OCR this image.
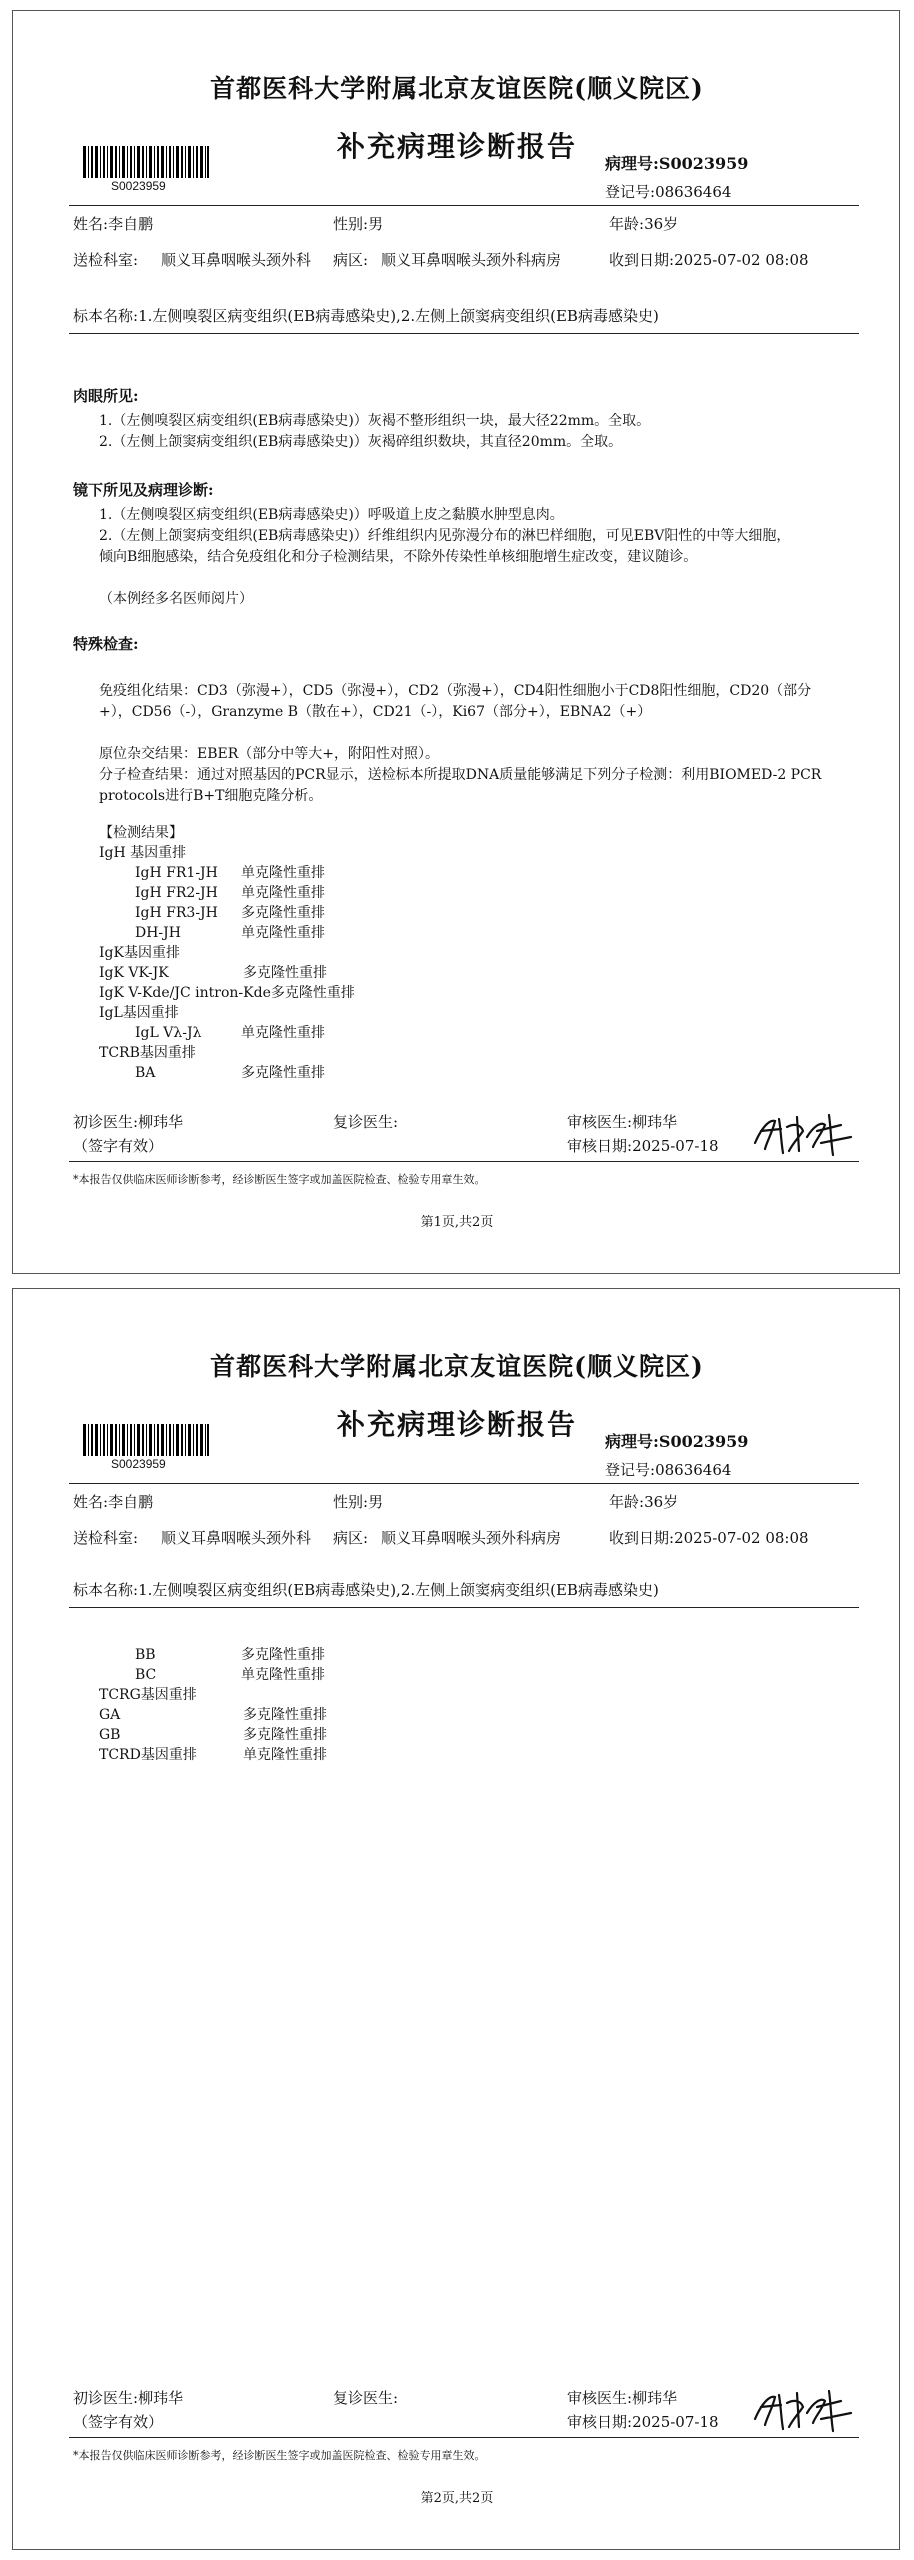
首都医科大学附属北京友谊医院(顺义院区)
补充病理诊断报告
S0023959
病理号:S0023959
登记号:08636464
姓名:李自鹏	性别:男	年龄:36岁
送检科室: 顺义耳鼻咽喉头颈外科	病区: 顺义耳鼻咽喉头颈外科病房	收到日期:2025-07-02 08:08
标本名称:1.左侧嗅裂区病变组织(EB病毒感染史),2.左侧上颌窦病变组织(EB病毒感染史)
肉眼所见:
1.（左侧嗅裂区病变组织(EB病毒感染史)）灰褐不整形组织一块，最大径22mm。全取。
2.（左侧上颌窦病变组织(EB病毒感染史)）灰褐碎组织数块，其直径20mm。全取。
镜下所见及病理诊断:
1.（左侧嗅裂区病变组织(EB病毒感染史)）呼吸道上皮之黏膜水肿型息肉。
2.（左侧上颌窦病变组织(EB病毒感染史)）纤维组织内见弥漫分布的淋巴样细胞，可见EBV阳性的中等大细胞，倾向B细胞感染，结合免疫组化和分子检测结果，不除外传染性单核细胞增生症改变，建议随诊。
（本例经多名医师阅片）
特殊检查:
免疫组化结果：CD3（弥漫+），CD5（弥漫+），CD2（弥漫+），CD4阳性细胞小于CD8阳性细胞，CD20（部分+），CD56（-），Granzyme B（散在+），CD21（-），Ki67（部分+），EBNA2（+）
原位杂交结果：EBER（部分中等大+，附阳性对照）。
分子检查结果：通过对照基因的PCR显示，送检标本所提取DNA质量能够满足下列分子检测：利用BIOMED-2 PCR protocols进行B+T细胞克隆分析。
【检测结果】
IgH 基因重排
IgH FR1-JH 单克隆性重排
IgH FR2-JH 单克隆性重排
IgH FR3-JH 多克隆性重排
DH-JH	单克隆性重排
IgK基因重排
IgK VK-JK	多克隆性重排
IgK V-Kde/JC intron-Kde多克隆性重排
IgL基因重排
IgL Vλ-Jλ	单克隆性重排
TCRB基因重排
BA	多克隆性重排
初诊医生:柳玮华
（签字有效）
复诊医生:	审核医生:柳玮华
审核日期:2025-07-18
*本报告仅供临床医师诊断参考，经诊断医生签字或加盖医院检查、检验专用章生效。
第1页,共2页
首都医科大学附属北京友谊医院(顺义院区)
补充病理诊断报告
S0023959
病理号:S0023959
登记号:08636464
姓名:李自鹏	性别:男	年龄:36岁
送检科室: 顺义耳鼻咽喉头颈外科	病区: 顺义耳鼻咽喉头颈外科病房	收到日期:2025-07-02 08:08
标本名称:1.左侧嗅裂区病变组织(EB病毒感染史),2.左侧上颌窦病变组织(EB病毒感染史)
BB	多克隆性重排
BC	单克隆性重排
TCRG基因重排
GA	多克隆性重排
GB	多克隆性重排
TCRD基因重排	单克隆性重排
初诊医生:柳玮华
（签字有效）
复诊医生:	审核医生:柳玮华
审核日期:2025-07-18
*本报告仅供临床医师诊断参考，经诊断医生签字或加盖医院检查、检验专用章生效。
第2页,共2页
